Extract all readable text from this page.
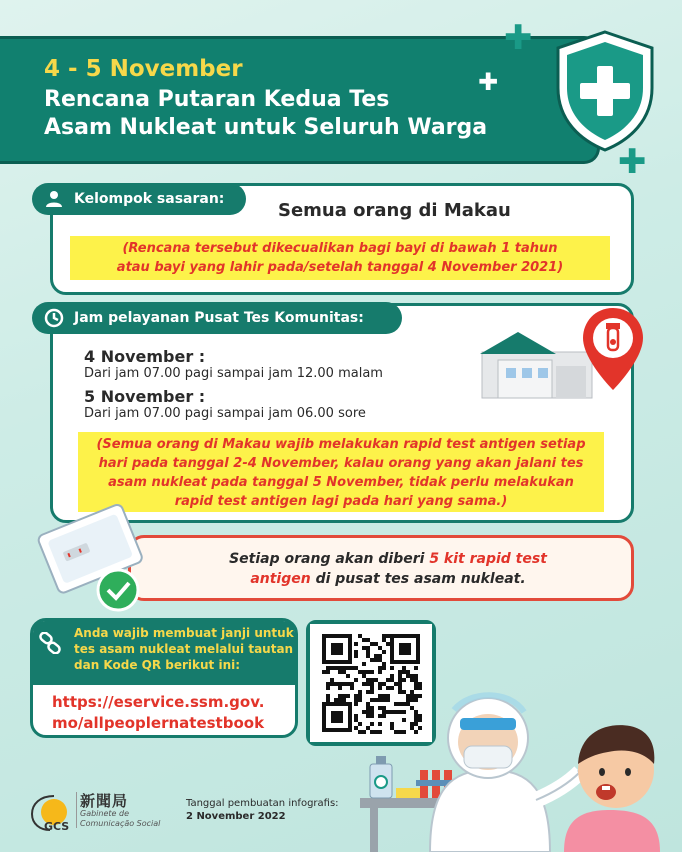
4 - 5 November
Rencana Putaran Kedua Tes
Asam Nukleat untuk Seluruh Warga
✚
✚
✚
Kelompok sasaran:
Semua orang di Makau
(Rencana tersebut dikecualikan bagi bayi di bawah 1 tahun
atau bayi yang lahir pada/setelah tanggal 4 November 2021)
Jam pelayanan Pusat Tes Komunitas:
4 November :
Dari jam 07.00 pagi sampai jam 12.00 malam
5 November :
Dari jam 07.00 pagi sampai jam 06.00 sore
(Semua orang di Makau wajib melakukan rapid test antigen setiap
hari pada tanggal 2-4 November, kalau orang yang akan jalani tes
asam nukleat pada tanggal 5 November, tidak perlu melakukan
rapid test antigen lagi pada hari yang sama.)
Setiap orang akan diberi 5 kit rapid test
antigen di pusat tes asam nukleat.
Anda wajib membuat janji untuk tes asam nukleat melalui tautan dan Kode QR berikut ini:
https://eservice.ssm.gov.
mo/allpeoplernatestbook
GCS
新聞局
Gabinete de
Comunicação Social
Tanggal pembuatan infografis:
2 November 2022
